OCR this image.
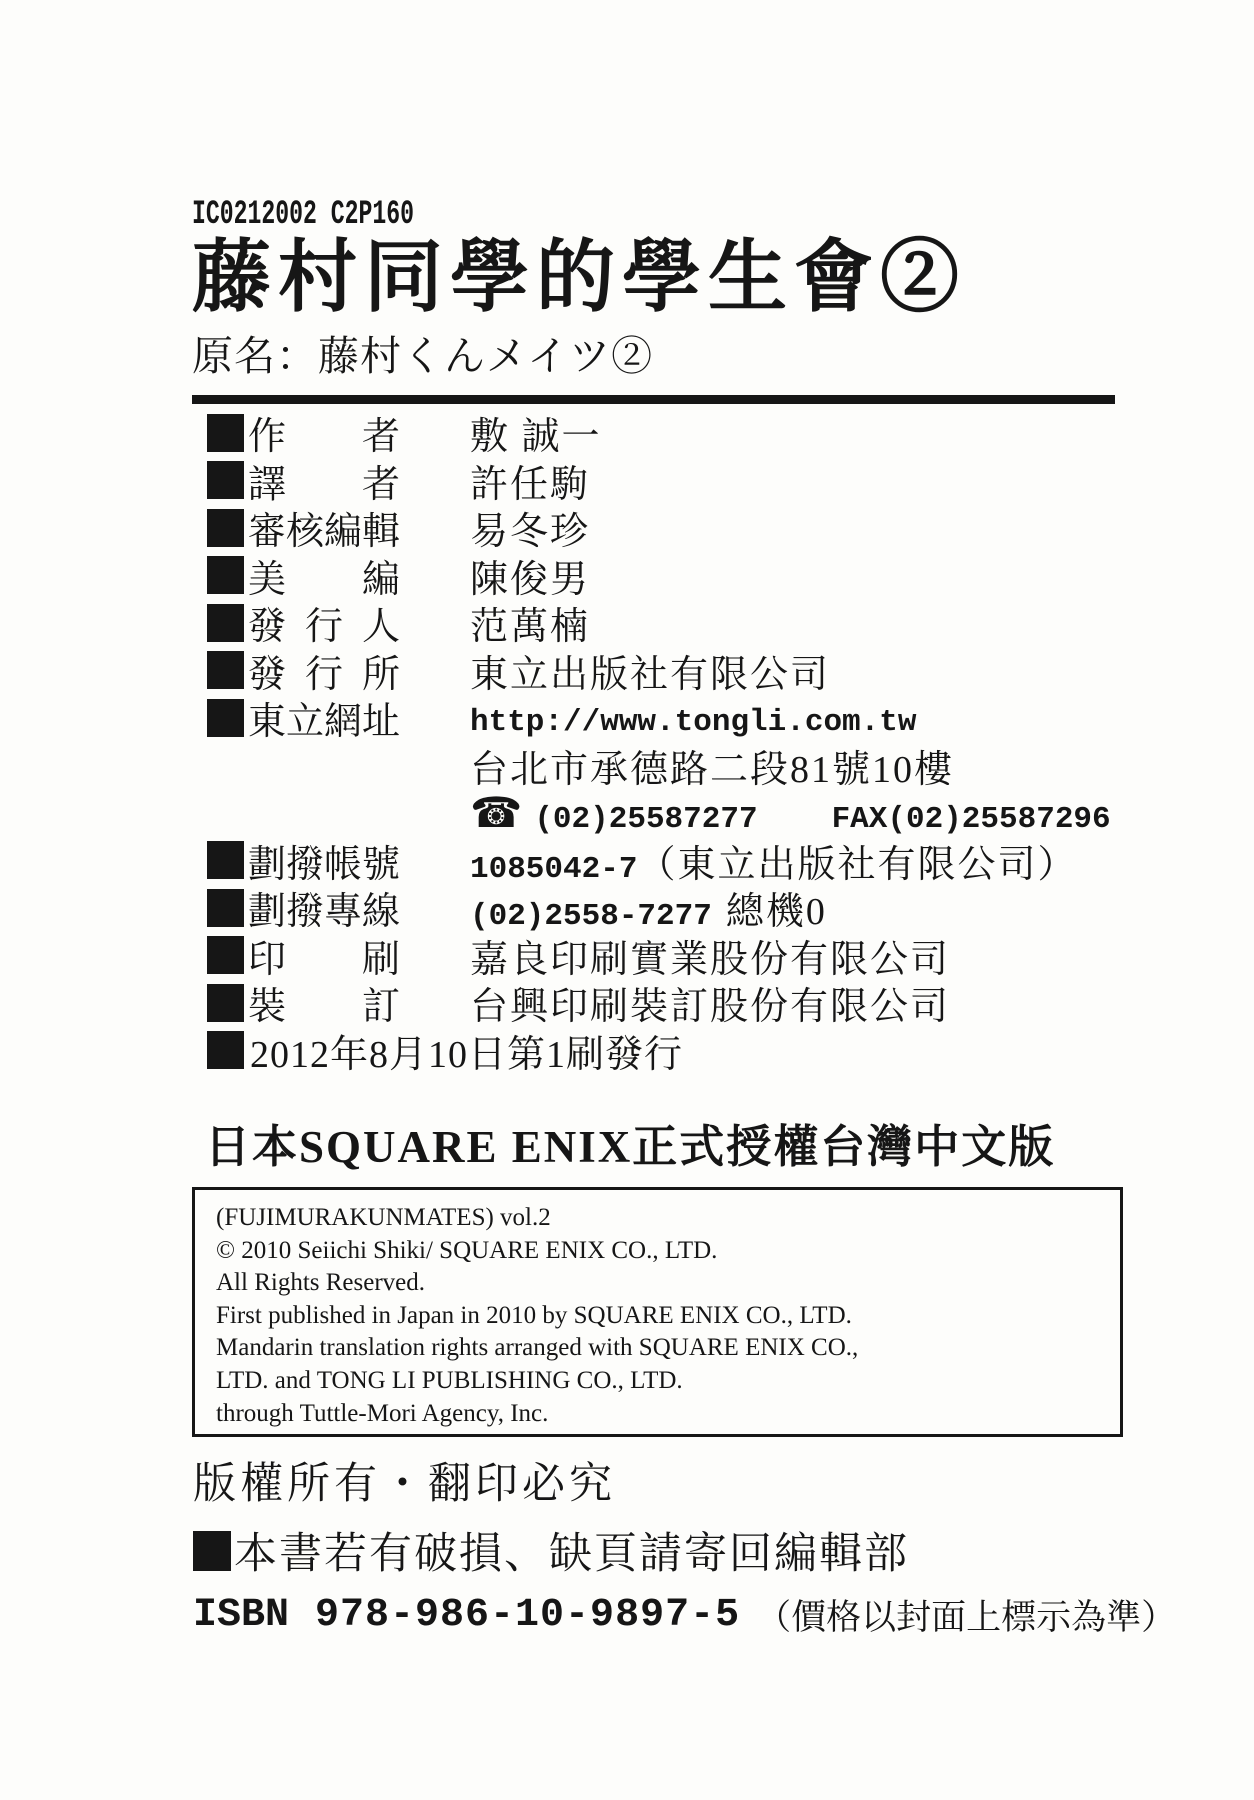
IC0212002 C2P160
藤村同學的學生會②
原名：藤村くんメイツ②
作者 敷 誠一
譯者 許任駒
審核編輯 易冬珍
美編 陳俊男
發行人 范萬楠
發行所 東立出版社有限公司
東立網址 http://www.tongli.com.tw
台北市承德路二段81號10樓
☎ (02)25587277 FAX(02)25587296
劃撥帳號 1085042-7（東立出版社有限公司）
劃撥專線 (02)2558-7277 總機0
印刷 嘉良印刷實業股份有限公司
裝訂 台興印刷裝訂股份有限公司
2012年8月10日第1刷發行
日本SQUARE ENIX正式授權台灣中文版
(FUJIMURAKUNMATES) vol.2
© 2010 Seiichi Shiki/ SQUARE ENIX CO., LTD.
All Rights Reserved.
First published in Japan in 2010 by SQUARE ENIX CO., LTD.
Mandarin translation rights arranged with SQUARE ENIX CO.,
LTD. and TONG LI PUBLISHING CO., LTD.
through Tuttle-Mori Agency, Inc.
版權所有・翻印必究
本書若有破損、缺頁請寄回編輯部
ISBN 978-986-10-9897-5 （價格以封面上標示為準）
